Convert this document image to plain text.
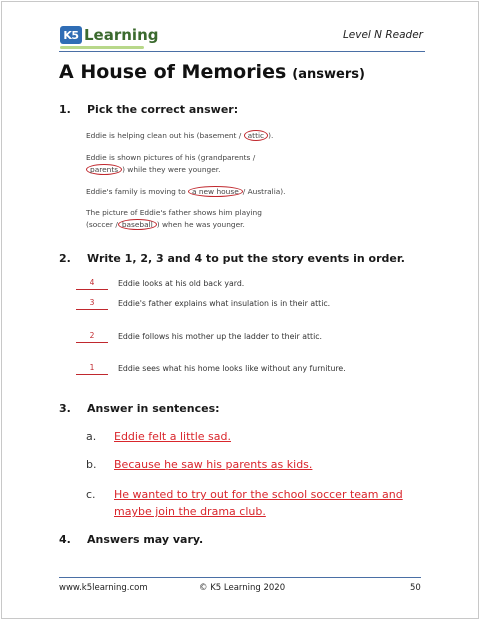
K5 Learning	Level N Reader
A House of Memories (answers)
1. Pick the correct answer:
Eddie is helping clean out his (basement / attic ).
Eddie is shown pictures of his (grandparents /
parents ) while they were younger.
Eddie's family is moving to a new house / Australia).
The picture of Eddie's father shows him playing
(soccer / baseball ) when he was younger.
2. Write 1, 2, 3 and 4 to put the story events in order.
4	Eddie looks at his old back yard.
3	Eddie's father explains what insulation is in their attic.
2	Eddie follows his mother up the ladder to their attic.
1	Eddie sees what his home looks like without any furniture.
3. Answer in sentences:
a. Eddie felt a little sad.
b. Because he saw his parents as kids.
c. He wanted to try out for the school soccer team and maybe join the drama club.
4. Answers may vary.
www.k5learning.com	© K5 Learning 2020	50
